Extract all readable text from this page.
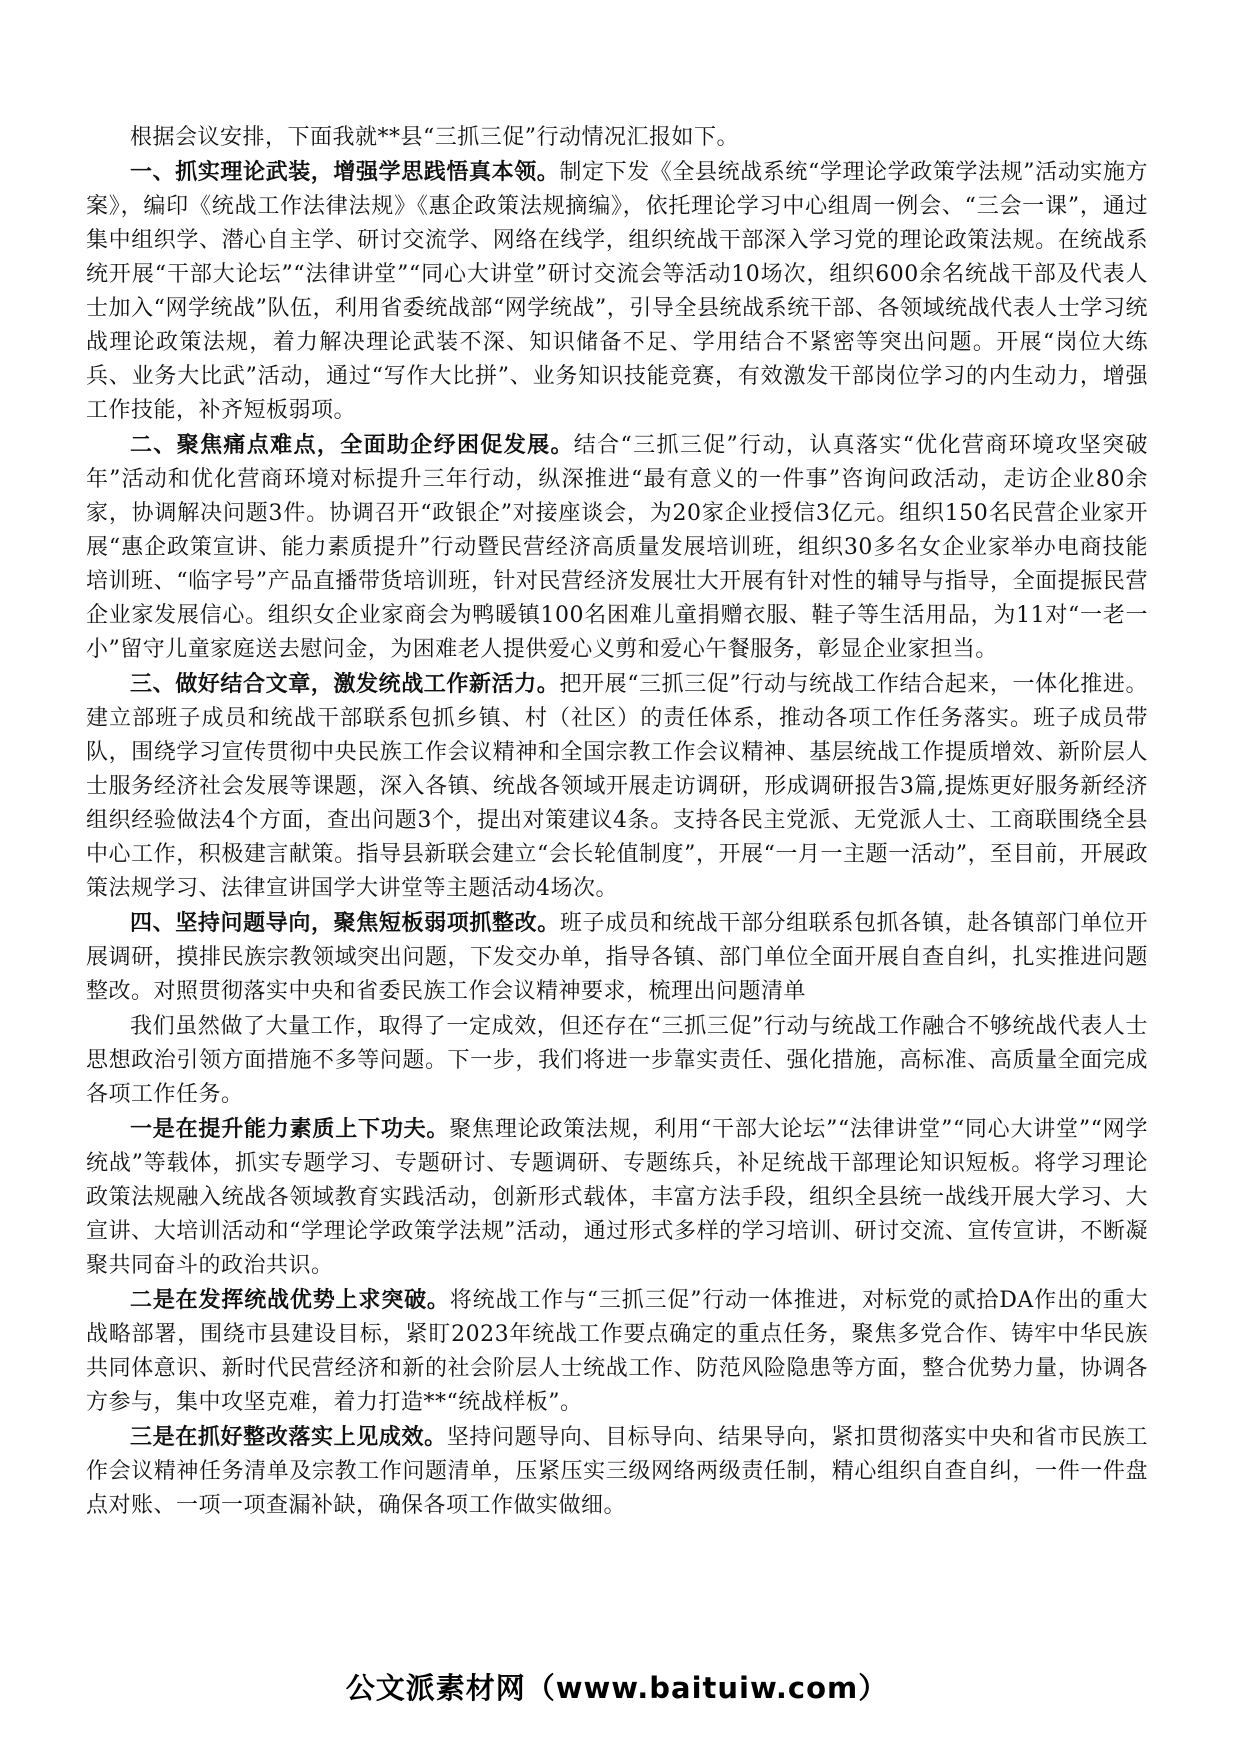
根据会议安排，下面我就**县“三抓三促”行动情况汇报如下。

一、抓实理论武装，增强学思践悟真本领。制定下发《全县统战系统“学理论学政策学法规”活动实施方案》，编印《统战工作法律法规》《惠企政策法规摘编》，依托理论学习中心组周一例会、“三会一课”，通过集中组织学、潜心自主学、研讨交流学、网络在线学，组织统战干部深入学习党的理论政策法规。在统战系统开展“干部大论坛”“法律讲堂”“同心大讲堂”研讨交流会等活动10场次，组织600余名统战干部及代表人士加入“网学统战”队伍，利用省委统战部“网学统战”，引导全县统战系统干部、各领域统战代表人士学习统战理论政策法规，着力解决理论武装不深、知识储备不足、学用结合不紧密等突出问题。开展“岗位大练兵、业务大比武”活动，通过“写作大比拼”、业务知识技能竞赛，有效激发干部岗位学习的内生动力，增强工作技能，补齐短板弱项。

二、聚焦痛点难点，全面助企纾困促发展。结合“三抓三促”行动，认真落实“优化营商环境攻坚突破年”活动和优化营商环境对标提升三年行动，纵深推进“最有意义的一件事”咨询问政活动，走访企业80余家，协调解决问题3件。协调召开“政银企”对接座谈会，为20家企业授信3亿元。组织150名民营企业家开展“惠企政策宣讲、能力素质提升”行动暨民营经济高质量发展培训班，组织30多名女企业家举办电商技能培训班、“临字号”产品直播带货培训班，针对民营经济发展壮大开展有针对性的辅导与指导，全面提振民营企业家发展信心。组织女企业家商会为鸭暖镇100名困难儿童捐赠衣服、鞋子等生活用品，为11对“一老一小”留守儿童家庭送去慰问金，为困难老人提供爱心义剪和爱心午餐服务，彰显企业家担当。

三、做好结合文章，激发统战工作新活力。把开展“三抓三促”行动与统战工作结合起来，一体化推进。建立部班子成员和统战干部联系包抓乡镇、村（社区）的责任体系，推动各项工作任务落实。班子成员带队，围绕学习宣传贯彻中央民族工作会议精神和全国宗教工作会议精神、基层统战工作提质增效、新阶层人士服务经济社会发展等课题，深入各镇、统战各领域开展走访调研，形成调研报告3篇,提炼更好服务新经济组织经验做法4个方面，查出问题3个，提出对策建议4条。支持各民主党派、无党派人士、工商联围绕全县中心工作，积极建言献策。指导县新联会建立“会长轮值制度”，开展“一月一主题一活动”，至目前，开展政策法规学习、法律宣讲国学大讲堂等主题活动4场次。

四、坚持问题导向，聚焦短板弱项抓整改。班子成员和统战干部分组联系包抓各镇，赴各镇部门单位开展调研，摸排民族宗教领域突出问题，下发交办单，指导各镇、部门单位全面开展自查自纠，扎实推进问题整改。对照贯彻落实中央和省委民族工作会议精神要求，梳理出问题清单

我们虽然做了大量工作，取得了一定成效，但还存在“三抓三促”行动与统战工作融合不够统战代表人士思想政治引领方面措施不多等问题。下一步，我们将进一步靠实责任、强化措施，高标准、高质量全面完成各项工作任务。

一是在提升能力素质上下功夫。聚焦理论政策法规，利用“干部大论坛”“法律讲堂”“同心大讲堂”“网学统战”等载体，抓实专题学习、专题研讨、专题调研、专题练兵，补足统战干部理论知识短板。将学习理论政策法规融入统战各领域教育实践活动，创新形式载体，丰富方法手段，组织全县统一战线开展大学习、大宣讲、大培训活动和“学理论学政策学法规”活动，通过形式多样的学习培训、研讨交流、宣传宣讲，不断凝聚共同奋斗的政治共识。

二是在发挥统战优势上求突破。将统战工作与“三抓三促”行动一体推进，对标党的贰拾DA作出的重大战略部署，围绕市县建设目标，紧盯2023年统战工作要点确定的重点任务，聚焦多党合作、铸牢中华民族共同体意识、新时代民营经济和新的社会阶层人士统战工作、防范风险隐患等方面，整合优势力量，协调各方参与，集中攻坚克难，着力打造**“统战样板”。

三是在抓好整改落实上见成效。坚持问题导向、目标导向、结果导向，紧扣贯彻落实中央和省市民族工作会议精神任务清单及宗教工作问题清单，压紧压实三级网络两级责任制，精心组织自查自纠，一件一件盘点对账、一项一项查漏补缺，确保各项工作做实做细。

公文派素材网（www.baituiw.com）
